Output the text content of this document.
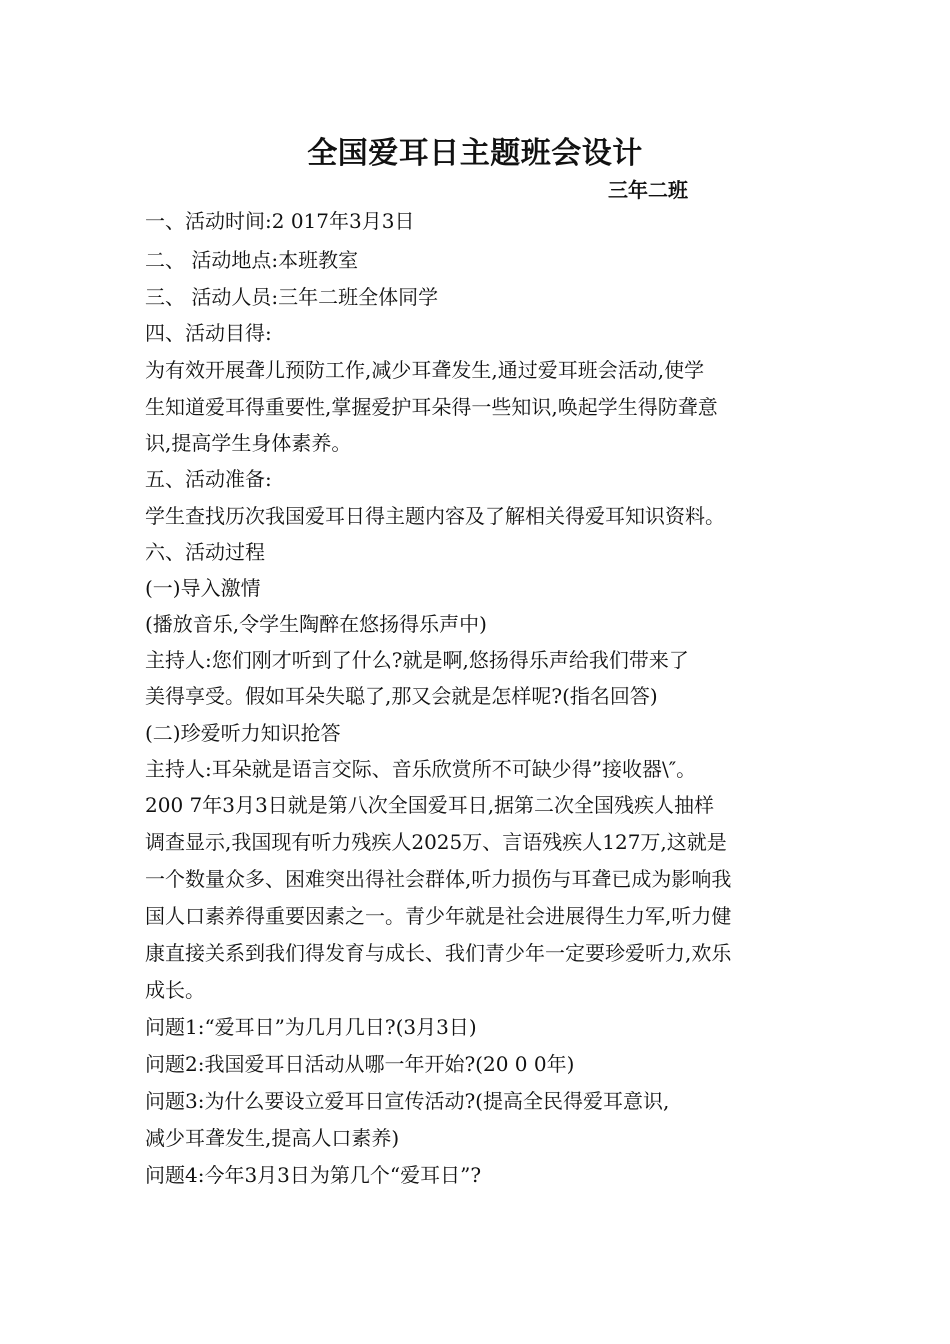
全国爱耳日主题班会设计
三年二班
一、活动时间:2 017年3月3日
二、 活动地点:本班教室
三、 活动人员:三年二班全体同学
四、活动目得:
为有效开展聋儿预防工作,减少耳聋发生,通过爱耳班会活动,使学
生知道爱耳得重要性,掌握爱护耳朵得一些知识,唤起学生得防聋意
识,提高学生身体素养。
五、活动准备:
学生查找历次我国爱耳日得主题内容及了解相关得爱耳知识资料。
六、活动过程
(一)导入激情
(播放音乐,令学生陶醉在悠扬得乐声中)
主持人:您们刚才听到了什么?就是啊,悠扬得乐声给我们带来了
美得享受。假如耳朵失聪了,那又会就是怎样呢?(指名回答)
(二)珍爱听力知识抢答
主持人:耳朵就是语言交际、音乐欣赏所不可缺少得”接收器\″。
200 7年3月3日就是第八次全国爱耳日,据第二次全国残疾人抽样
调查显示,我国现有听力残疾人2025万、言语残疾人127万,这就是
一个数量众多、困难突出得社会群体,听力损伤与耳聋已成为影响我
国人口素养得重要因素之一。青少年就是社会进展得生力军,听力健
康直接关系到我们得发育与成长、我们青少年一定要珍爱听力,欢乐
成长。
问题1:“爱耳日”为几月几日?(3月3日)
问题2:我国爱耳日活动从哪一年开始?(20 0 0年)
问题3:为什么要设立爱耳日宣传活动?(提高全民得爱耳意识,
减少耳聋发生,提高人口素养)
问题4:今年3月3日为第几个“爱耳日”?
